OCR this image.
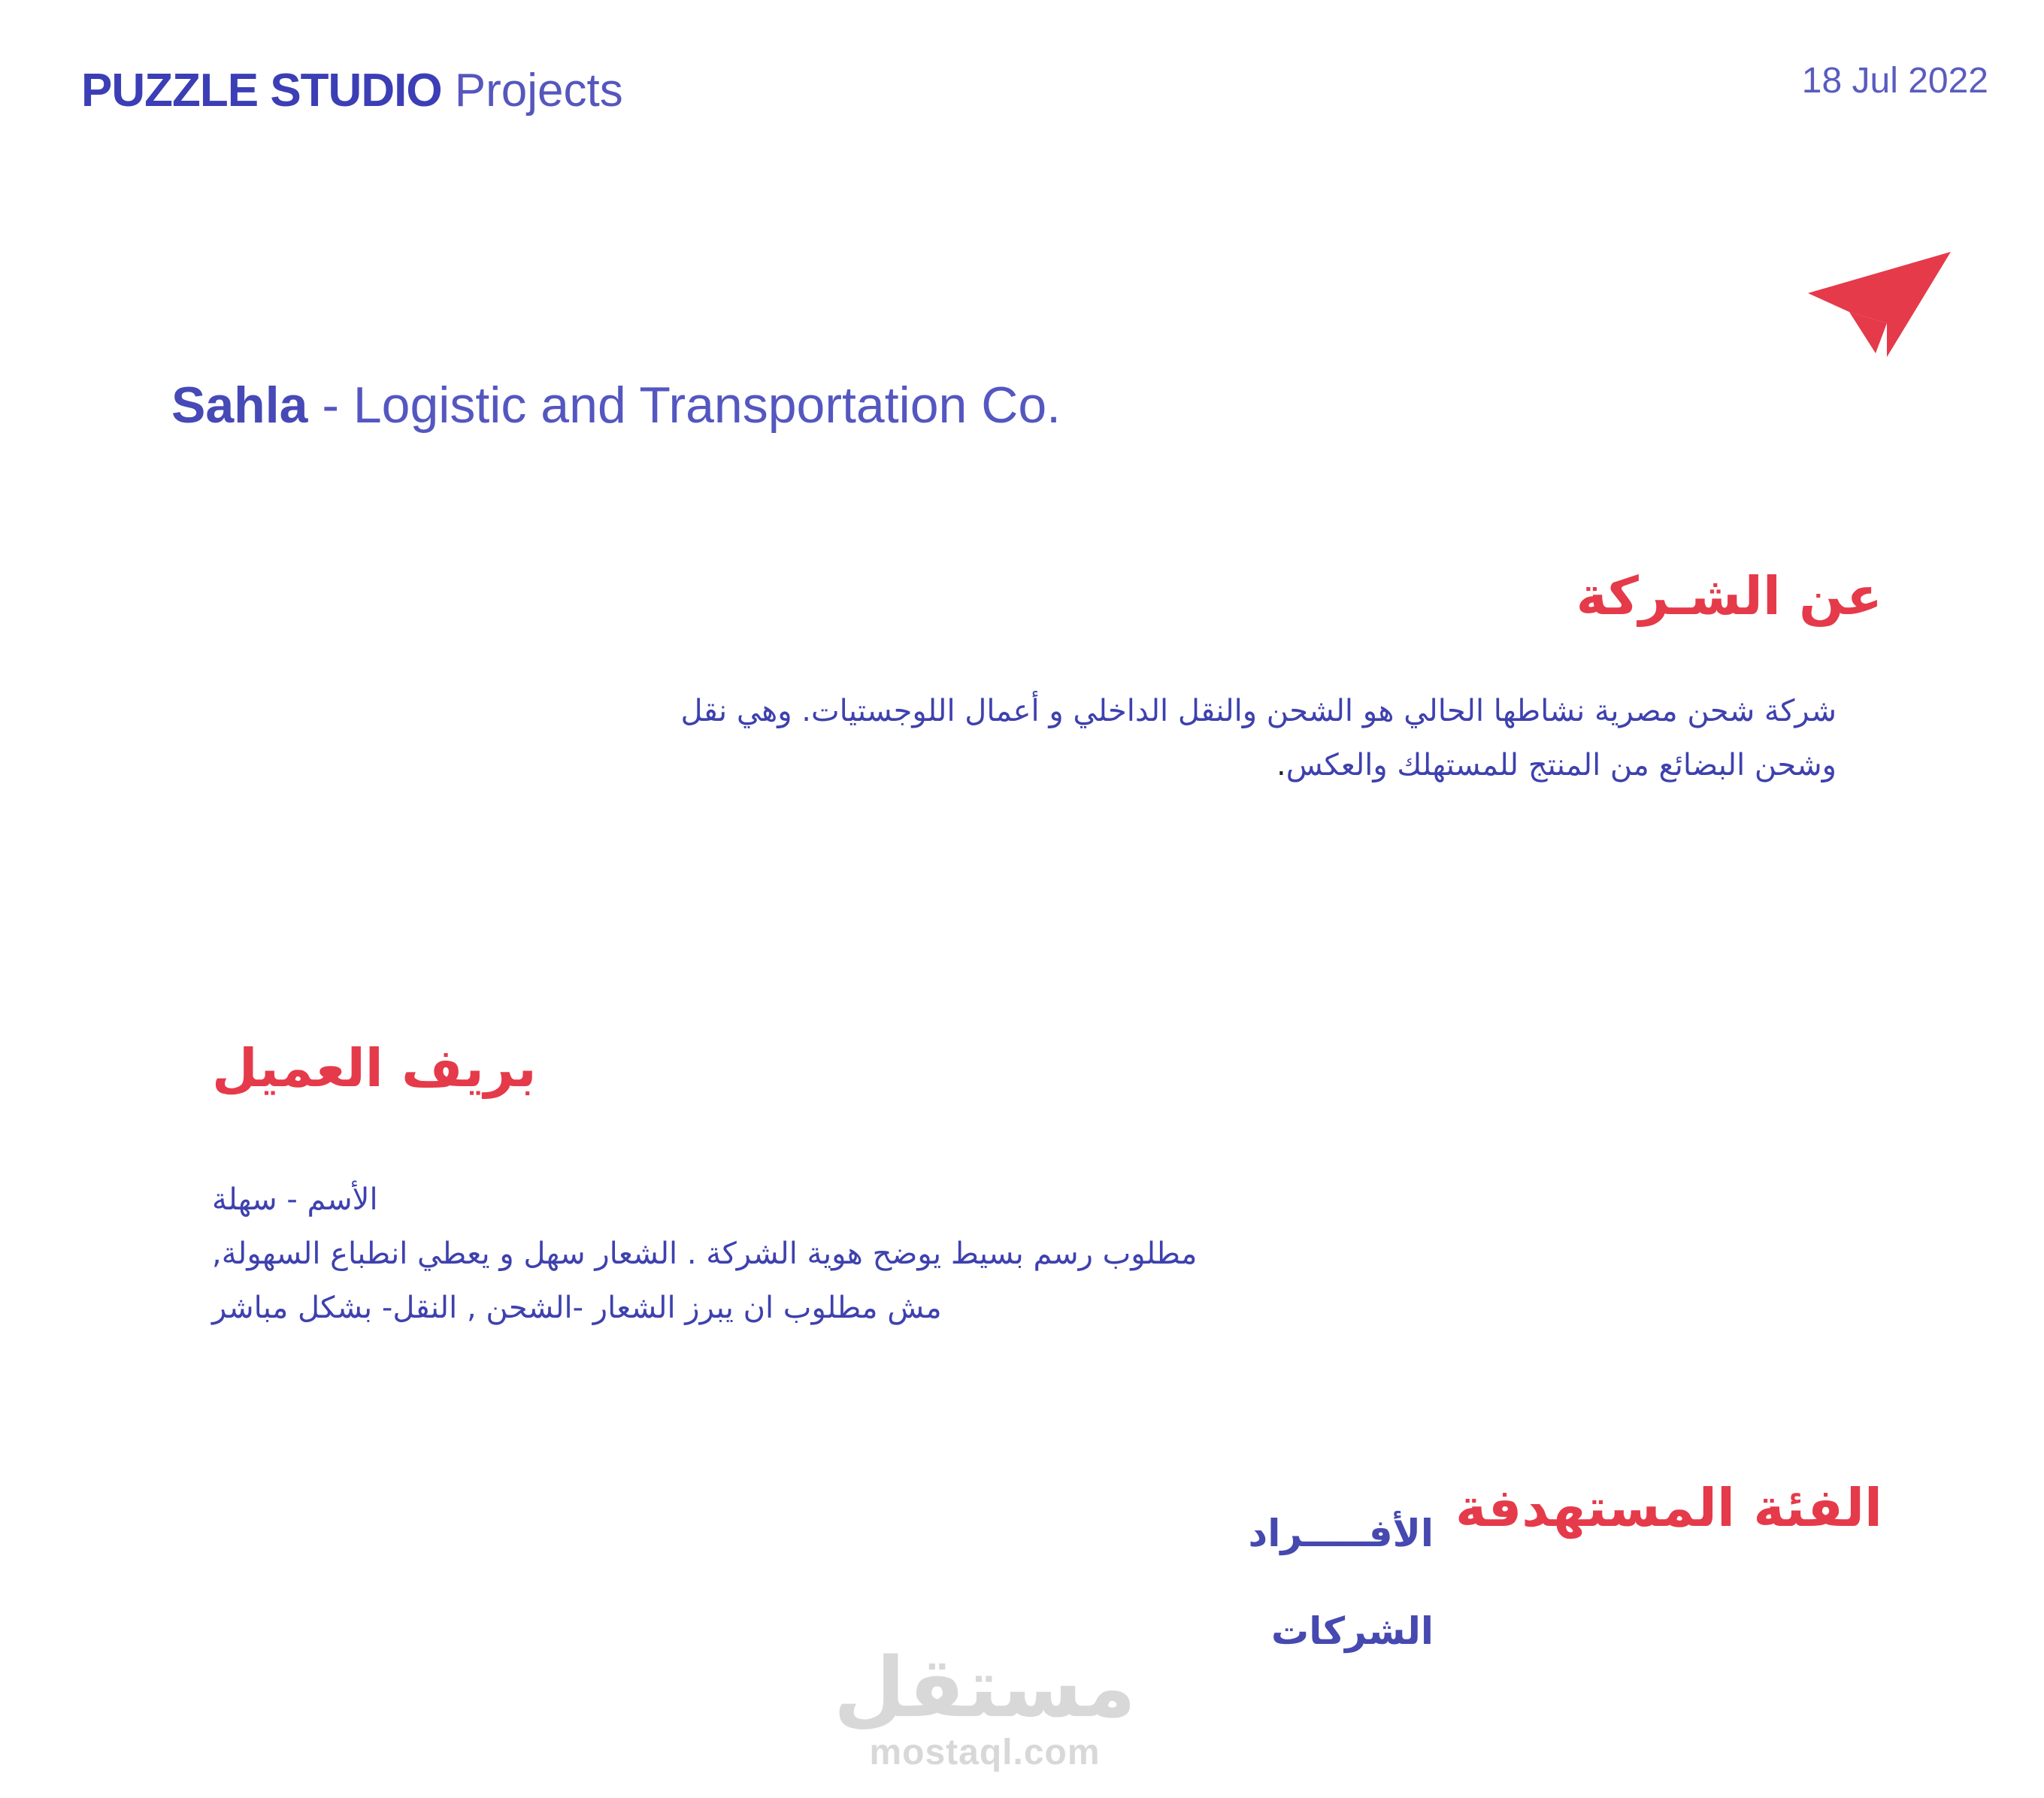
PUZZLE STUDIO Projects	18 Jul 2022
Sahla - Logistic and Transportation Co.
عن الشـركة
شركة شحن مصرية نشاطها الحالي هو الشحن والنقل الداخلي و أعمال اللوجستيات. وهي نقل
وشحن البضائع من المنتج للمستهلك والعكس.
بريف العميل
الأسم - سهلة
مطلوب رسم بسيط يوضح هوية الشركة . الشعار سهل و يعطي انطباع السهولة,
مش مطلوب ان يبرز الشعار -الشحن , النقل- بشكل مباشر
الفئة المستهدفة
الأفـــــراد
الشركات
مستقل
mostaql.com
